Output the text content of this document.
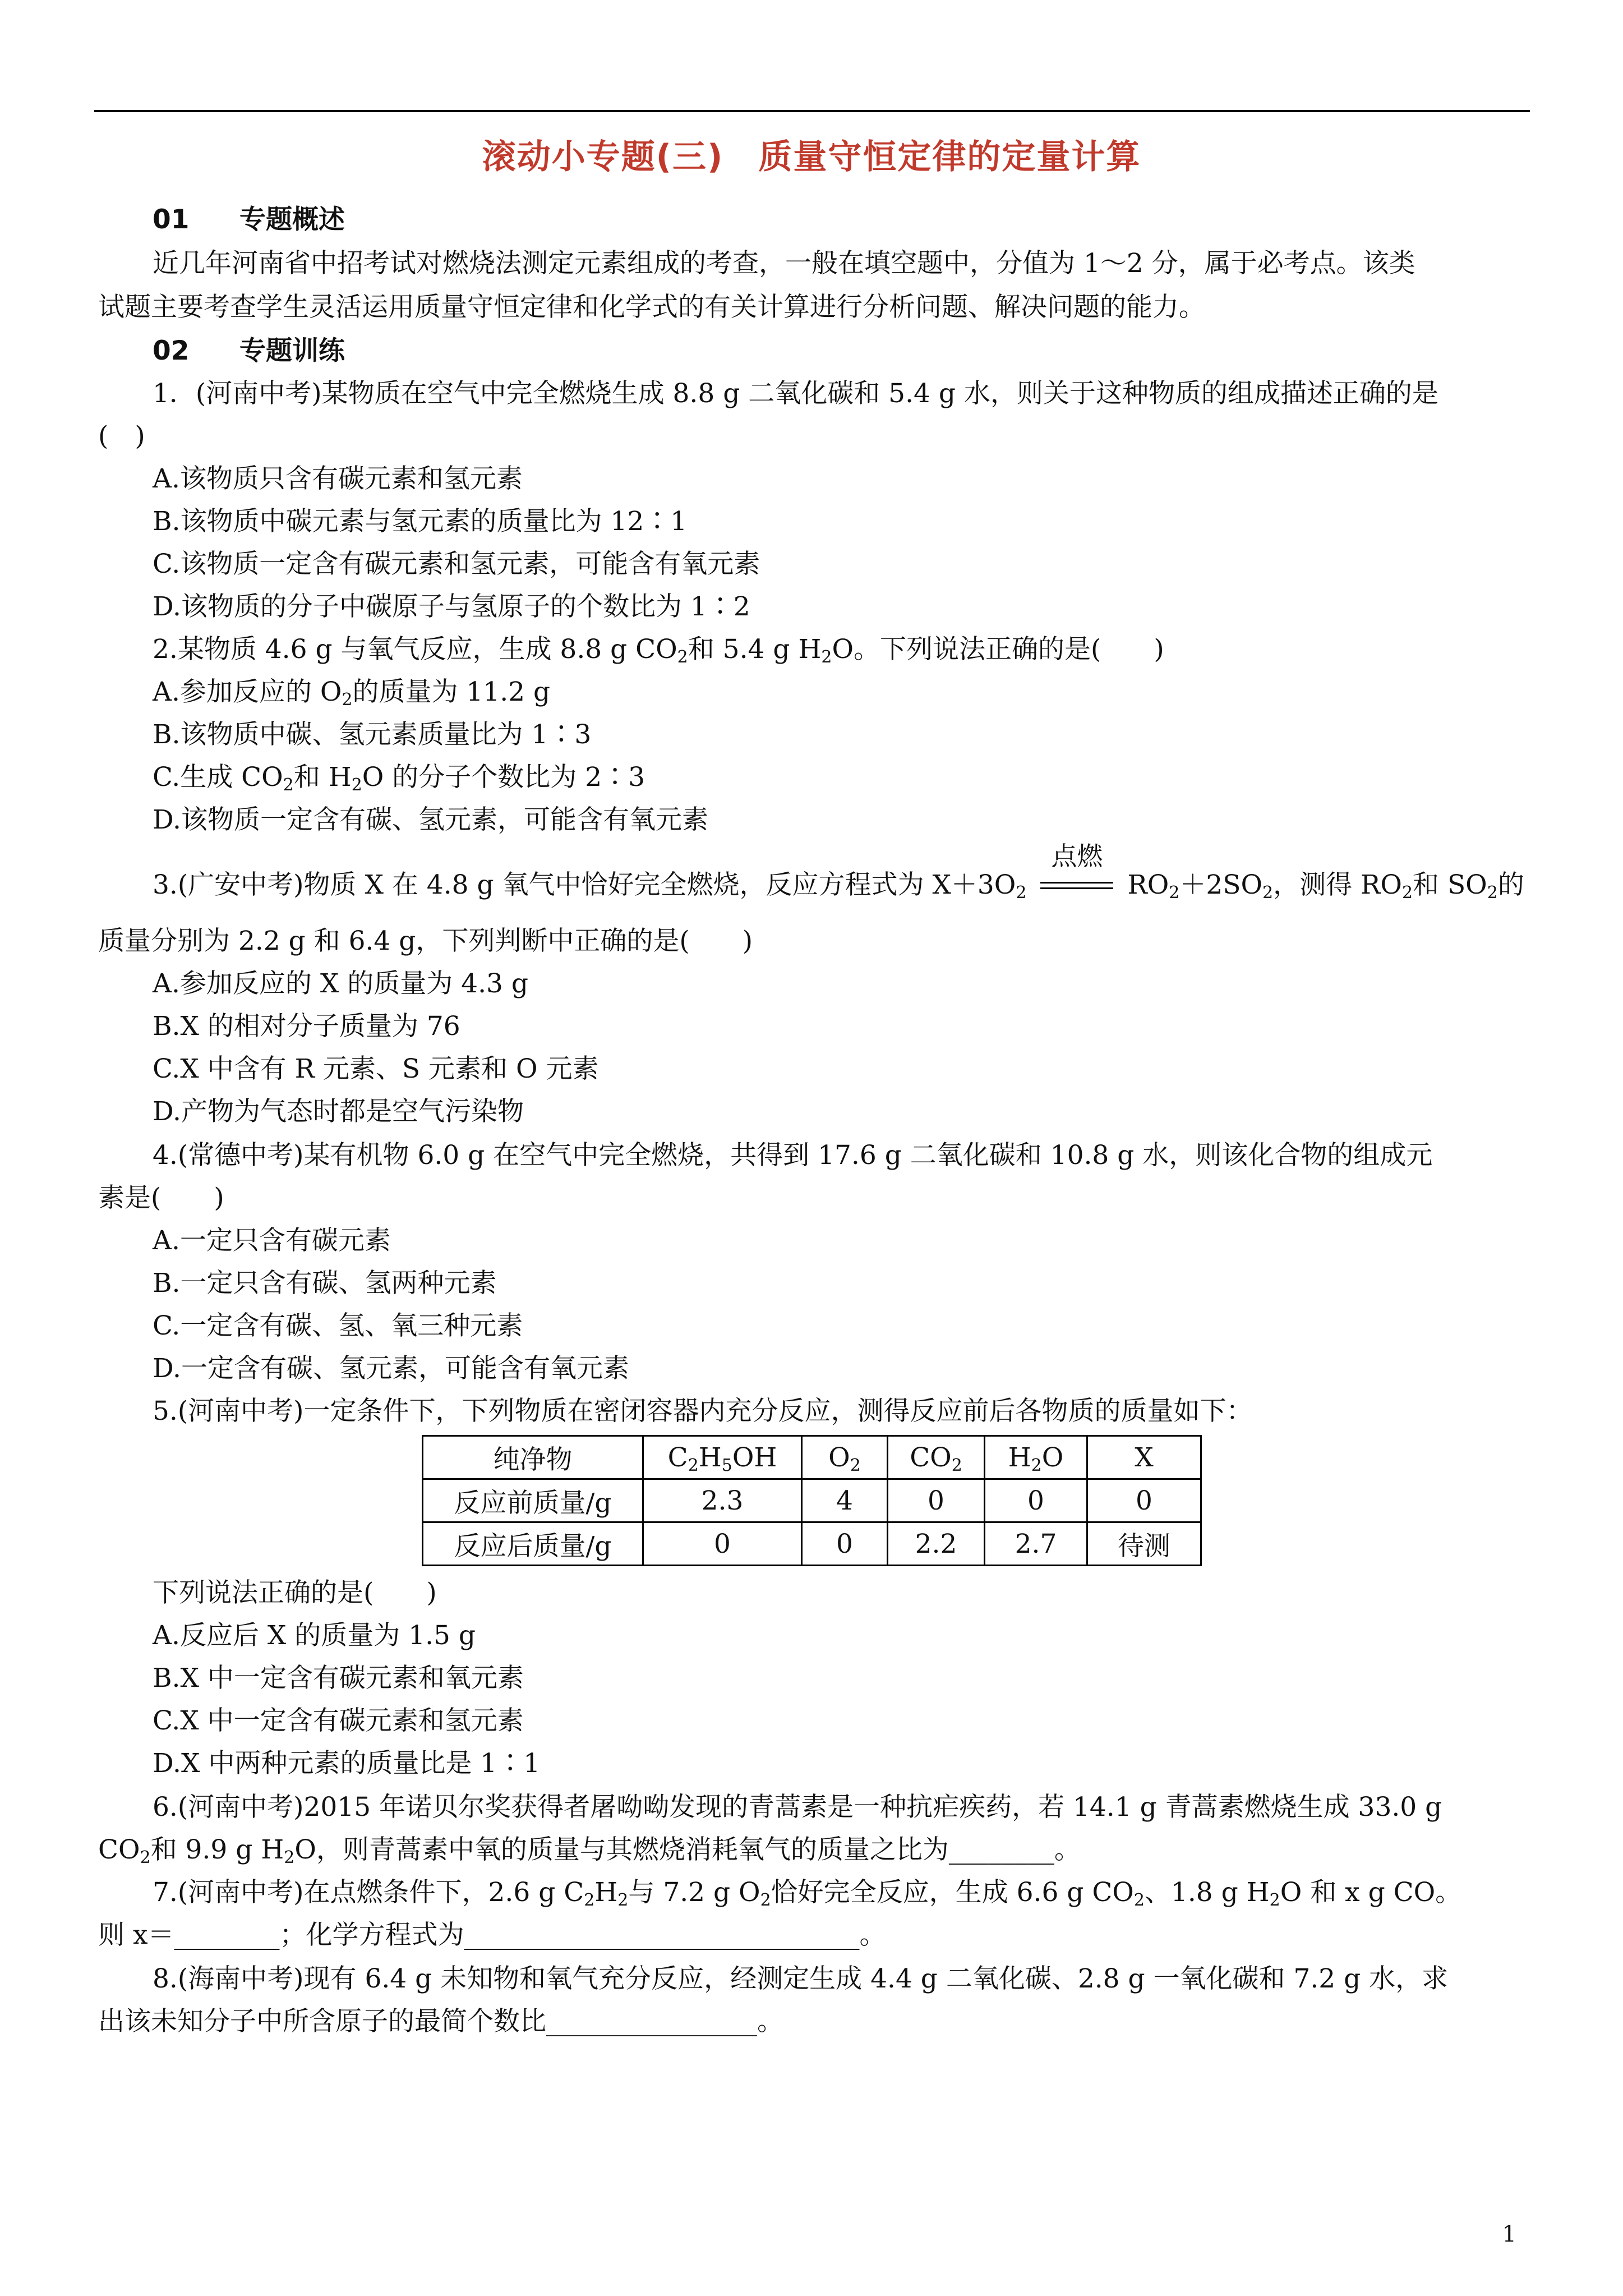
滚动小专题(三)　质量守恒定律的定量计算
01 专题概述
近几年河南省中招考试对燃烧法测定元素组成的考查，一般在填空题中，分值为 1～2 分，属于必考点。该类
试题主要考查学生灵活运用质量守恒定律和化学式的有关计算进行分析问题、解决问题的能力。
02 专题训练
1．(河南中考)某物质在空气中完全燃烧生成 8.8 g 二氧化碳和 5.4 g 水，则关于这种物质的组成描述正确的是
(　)
A.该物质只含有碳元素和氢元素
B.该物质中碳元素与氢元素的质量比为 12∶1
C.该物质一定含有碳元素和氢元素，可能含有氧元素
D.该物质的分子中碳原子与氢原子的个数比为 1∶2
2.某物质 4.6 g 与氧气反应，生成 8.8 g $CO_2$和 5.4 g $H_2O$。下列说法正确的是(　　)
A.参加反应的 $O_2$的质量为 11.2 g
B.该物质中碳、氢元素质量比为 1∶3
C.生成 $CO_2$和 $H_2O$ 的分子个数比为 2∶3
D.该物质一定含有碳、氢元素，可能含有氧元素
3.(广安中考)物质 X 在 4.8 g 氧气中恰好完全燃烧，反应方程式为 $X+3O_2$
点燃
$RO_2+2SO_2$，测得 $RO_2$和 $SO_2$的
质量分别为 2.2 g 和 6.4 g，下列判断中正确的是(　　)
A.参加反应的 X 的质量为 4.3 g
B.X 的相对分子质量为 76
C.X 中含有 R 元素、S 元素和 O 元素
D.产物为气态时都是空气污染物
4.(常德中考)某有机物 6.0 g 在空气中完全燃烧，共得到 17.6 g 二氧化碳和 10.8 g 水，则该化合物的组成元
素是(　　)
A.一定只含有碳元素
B.一定只含有碳、氢两种元素
C.一定含有碳、氢、氧三种元素
D.一定含有碳、氢元素，可能含有氧元素
5.(河南中考)一定条件下，下列物质在密闭容器内充分反应，测得反应前后各物质的质量如下：
纯净物	$C_2H_5OH$	$O_2$	$CO_2$	$H_2O$	X
反应前质量/g	2.3	4	0	0	0
反应后质量/g	0	0	2.2	2.7	待测
下列说法正确的是(　　)
A.反应后 X 的质量为 1.5 g
B.X 中一定含有碳元素和氧元素
C.X 中一定含有碳元素和氢元素
D.X 中两种元素的质量比是 1∶1
6.(河南中考)2015 年诺贝尔奖获得者屠呦呦发现的青蒿素是一种抗疟疾药，若 14.1 g 青蒿素燃烧生成 33.0 g
$CO_2$和 9.9 g $H_2O$，则青蒿素中氧的质量与其燃烧消耗氧气的质量之比为________。
7.(河南中考)在点燃条件下，2.6 g $C_2H_2$与 7.2 g $O_2$恰好完全反应，生成 6.6 g $CO_2$、1.8 g $H_2O$ 和 x g CO。
则 x＝________；化学方程式为______________________________。
8.(海南中考)现有 6.4 g 未知物和氧气充分反应，经测定生成 4.4 g 二氧化碳、2.8 g 一氧化碳和 7.2 g 水，求
出该未知分子中所含原子的最简个数比________________。
1
